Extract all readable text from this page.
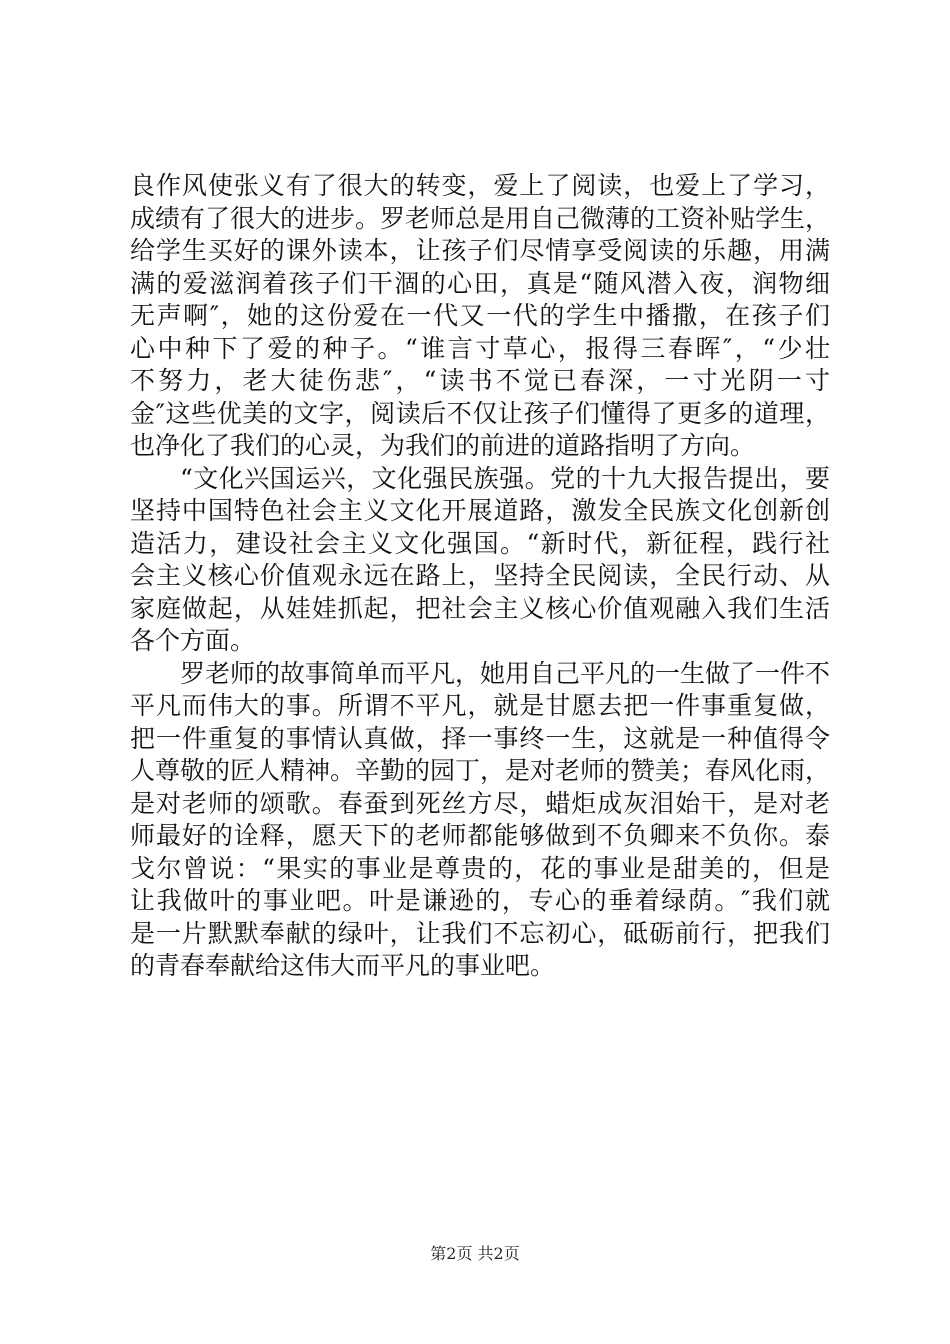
良作风使张义有了很大的转变，爱上了阅读，也爱上了学习，
成绩有了很大的进步。罗老师总是用自己微薄的工资补贴学生，
给学生买好的课外读本，让孩子们尽情享受阅读的乐趣，用满
满的爱滋润着孩子们干涸的心田，真是“随风潜入夜，润物细
无声啊″，她的这份爱在一代又一代的学生中播撒，在孩子们
心中种下了爱的种子。“谁言寸草心，报得三春晖″，“少壮
不努力，老大徒伤悲″，“读书不觉已春深，一寸光阴一寸
金″这些优美的文字，阅读后不仅让孩子们懂得了更多的道理，
也净化了我们的心灵，为我们的前进的道路指明了方向。
“文化兴国运兴，文化强民族强。党的十九大报告提出，要
坚持中国特色社会主义文化开展道路，激发全民族文化创新创
造活力，建设社会主义文化强国。“新时代，新征程，践行社
会主义核心价值观永远在路上，坚持全民阅读，全民行动、从
家庭做起，从娃娃抓起，把社会主义核心价值观融入我们生活
各个方面。
罗老师的故事简单而平凡，她用自己平凡的一生做了一件不
平凡而伟大的事。所谓不平凡，就是甘愿去把一件事重复做，
把一件重复的事情认真做，择一事终一生，这就是一种值得令
人尊敬的匠人精神。辛勤的园丁，是对老师的赞美；春风化雨，
是对老师的颂歌。春蚕到死丝方尽，蜡炬成灰泪始干，是对老
师最好的诠释，愿天下的老师都能够做到不负卿来不负你。泰
戈尔曾说：“果实的事业是尊贵的，花的事业是甜美的，但是
让我做叶的事业吧。叶是谦逊的，专心的垂着绿荫。″我们就
是一片默默奉献的绿叶，让我们不忘初心，砥砺前行，把我们
的青春奉献给这伟大而平凡的事业吧。
第2页 共2页
